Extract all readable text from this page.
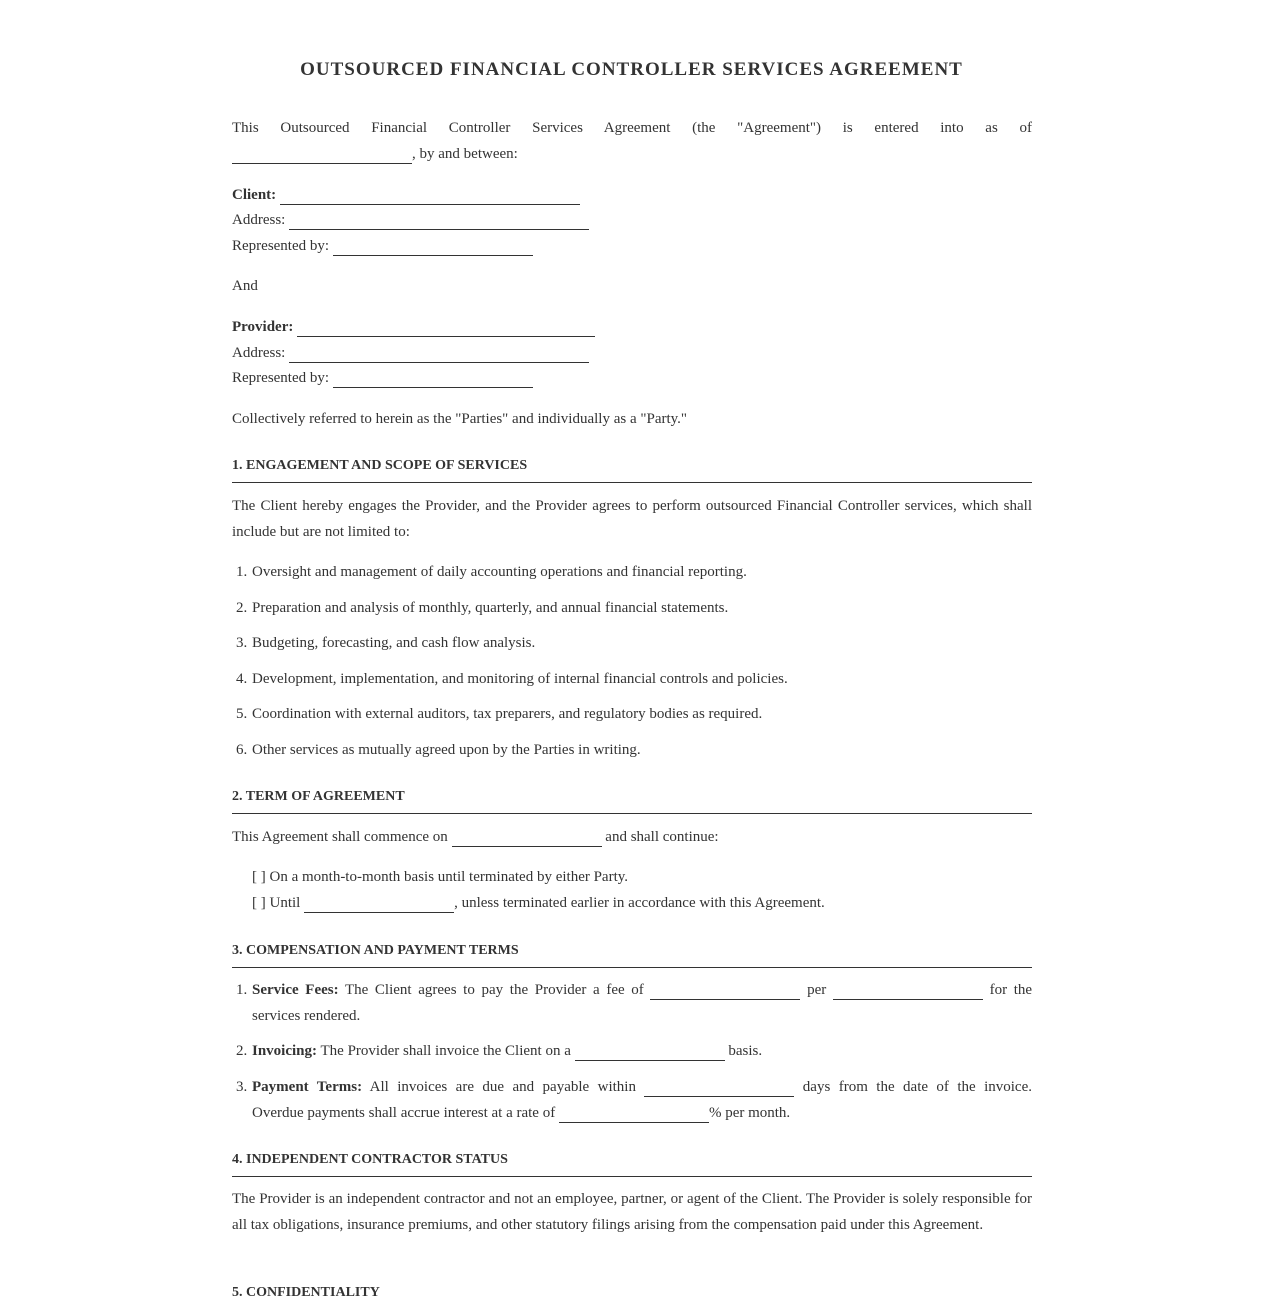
OUTSOURCED FINANCIAL CONTROLLER SERVICES AGREEMENT

This Outsourced Financial Controller Services Agreement (the "Agreement") is entered into as of

, by and between:

Client:

Address:

Represented by:

And

Provider:

Address:

Represented by:

Collectively referred to herein as the "Parties" and individually as a "Party."

1. ENGAGEMENT AND SCOPE OF SERVICES

The Client hereby engages the Provider, and the Provider agrees to perform outsourced Financial Controller services, which shall include but are not limited to:

1. Oversight and management of daily accounting operations and financial reporting.
2. Preparation and analysis of monthly, quarterly, and annual financial statements.
3. Budgeting, forecasting, and cash flow analysis.
4. Development, implementation, and monitoring of internal financial controls and policies.
5. Coordination with external auditors, tax preparers, and regulatory bodies as required.
6. Other services as mutually agreed upon by the Parties in writing.
2. TERM OF AGREEMENT

This Agreement shall commence on	and shall continue:

[ ] On a month-to-month basis until terminated by either Party.

[ ] Until	, unless terminated earlier in accordance with this Agreement.

3. COMPENSATION AND PAYMENT TERMS
1. Service Fees: The Client agrees to pay the Provider a fee of	per	for the

services rendered.

2. Invoicing: The Provider shall invoice the Client on a	basis.

3. Payment Terms: All invoices are due and payable within	days from the date of the invoice.

Overdue payments shall accrue interest at a rate of	% per month.

4. INDEPENDENT CONTRACTOR STATUS

The Provider is an independent contractor and not an employee, partner, or agent of the Client. The Provider is solely responsible for all tax obligations, insurance premiums, and other statutory filings arising from the compensation paid under this Agreement.

5. CONFIDENTIALITY
